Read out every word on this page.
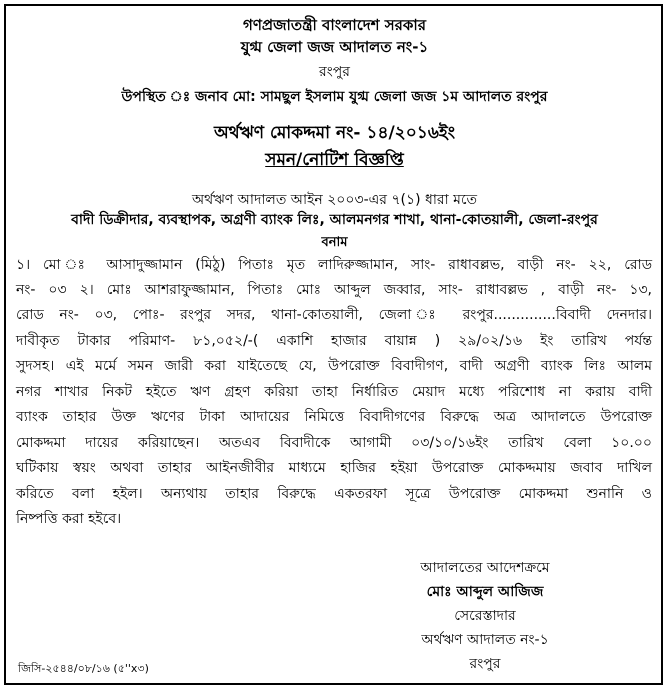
গণপ্রজাতন্ত্রী বাংলাদেশ সরকার
যুগ্ম জেলা জজ আদালত নং-১
রংপুর
উপস্থিত ঃ জনাব মো: সামছুল ইসলাম যুগ্ম জেলা জজ ১ম আদালত রংপুর
অর্থঋণ মোকদ্দমা নং- ১৪/২০১৬ইং
সমন/নোটিশ বিজ্ঞপ্তি
অর্থঋণ আদালত আইন ২০০৩-এর ৭(১) ধারা মতে
বাদী ডিক্রীদার, ব্যবস্থাপক, অগ্রণী ব্যাংক লিঃ, আলমনগর শাখা, থানা-কোতয়ালী, জেলা-রংপুর
বনাম
১। মো ঃ আসাদুজ্জামান (মিঠু) পিতাঃ মৃত লাদিরুজ্জামান, সাং- রাধাবল্লভ, বাড়ী নং- ২২, রোড
নং- ০৩ ২। মোঃ আশরাফুজ্জামান, পিতাঃ মোঃ আব্দুল জব্বার, সাং- রাধাবল্লভ , বাড়ী নং- ১৩,
রোড নং- ০৩, পোঃ- রংপুর সদর, থানা-কোতয়ালী, জেলা ঃ রংপুর..............বিবাদী দেনদার।
দাবীকৃত টাকার পরিমাণ- ৮১,০৫২/-( একাশি হাজার বায়ান্ন ) ২৯/০২/১৬ ইং তারিখ পর্যন্ত
সুদসহ। এই মর্মে সমন জারী করা যাইতেছে যে, উপরোক্ত বিবাদীগণ, বাদী অগ্রণী ব্যাংক লিঃ আলম
নগর শাখার নিকট হইতে ঋণ গ্রহণ করিয়া তাহা নির্ধারিত মেয়াদ মধ্যে পরিশোধ না করায় বাদী
ব্যাংক তাহার উক্ত ঋণের টাকা আদায়ের নিমিত্তে বিবাদীগণের বিরুদ্ধে অত্র আদালতে উপরোক্ত
মোকদ্দমা দায়ের করিয়াছেন। অতএব বিবাদীকে আগামী ০৩/১০/১৬ইং তারিখ বেলা ১০.০০
ঘটিকায় স্বয়ং অথবা তাহার আইনজীবীর মাধ্যমে হাজির হইয়া উপরোক্ত মোকদ্দমায় জবাব দাখিল
করিতে বলা হইল। অন্যথায় তাহার বিরুদ্ধে একতরফা সূত্রে উপরোক্ত মোকদ্দমা শুনানি ও
নিষ্পত্তি করা হইবে।
আদালতের আদেশক্রমে
মোঃ আব্দুল আজিজ
সেরেস্তাদার
অর্থঋণ আদালত নং-১
রংপুর
জিসি-২৫৪৪/০৮/১৬ (৫''x৩)
